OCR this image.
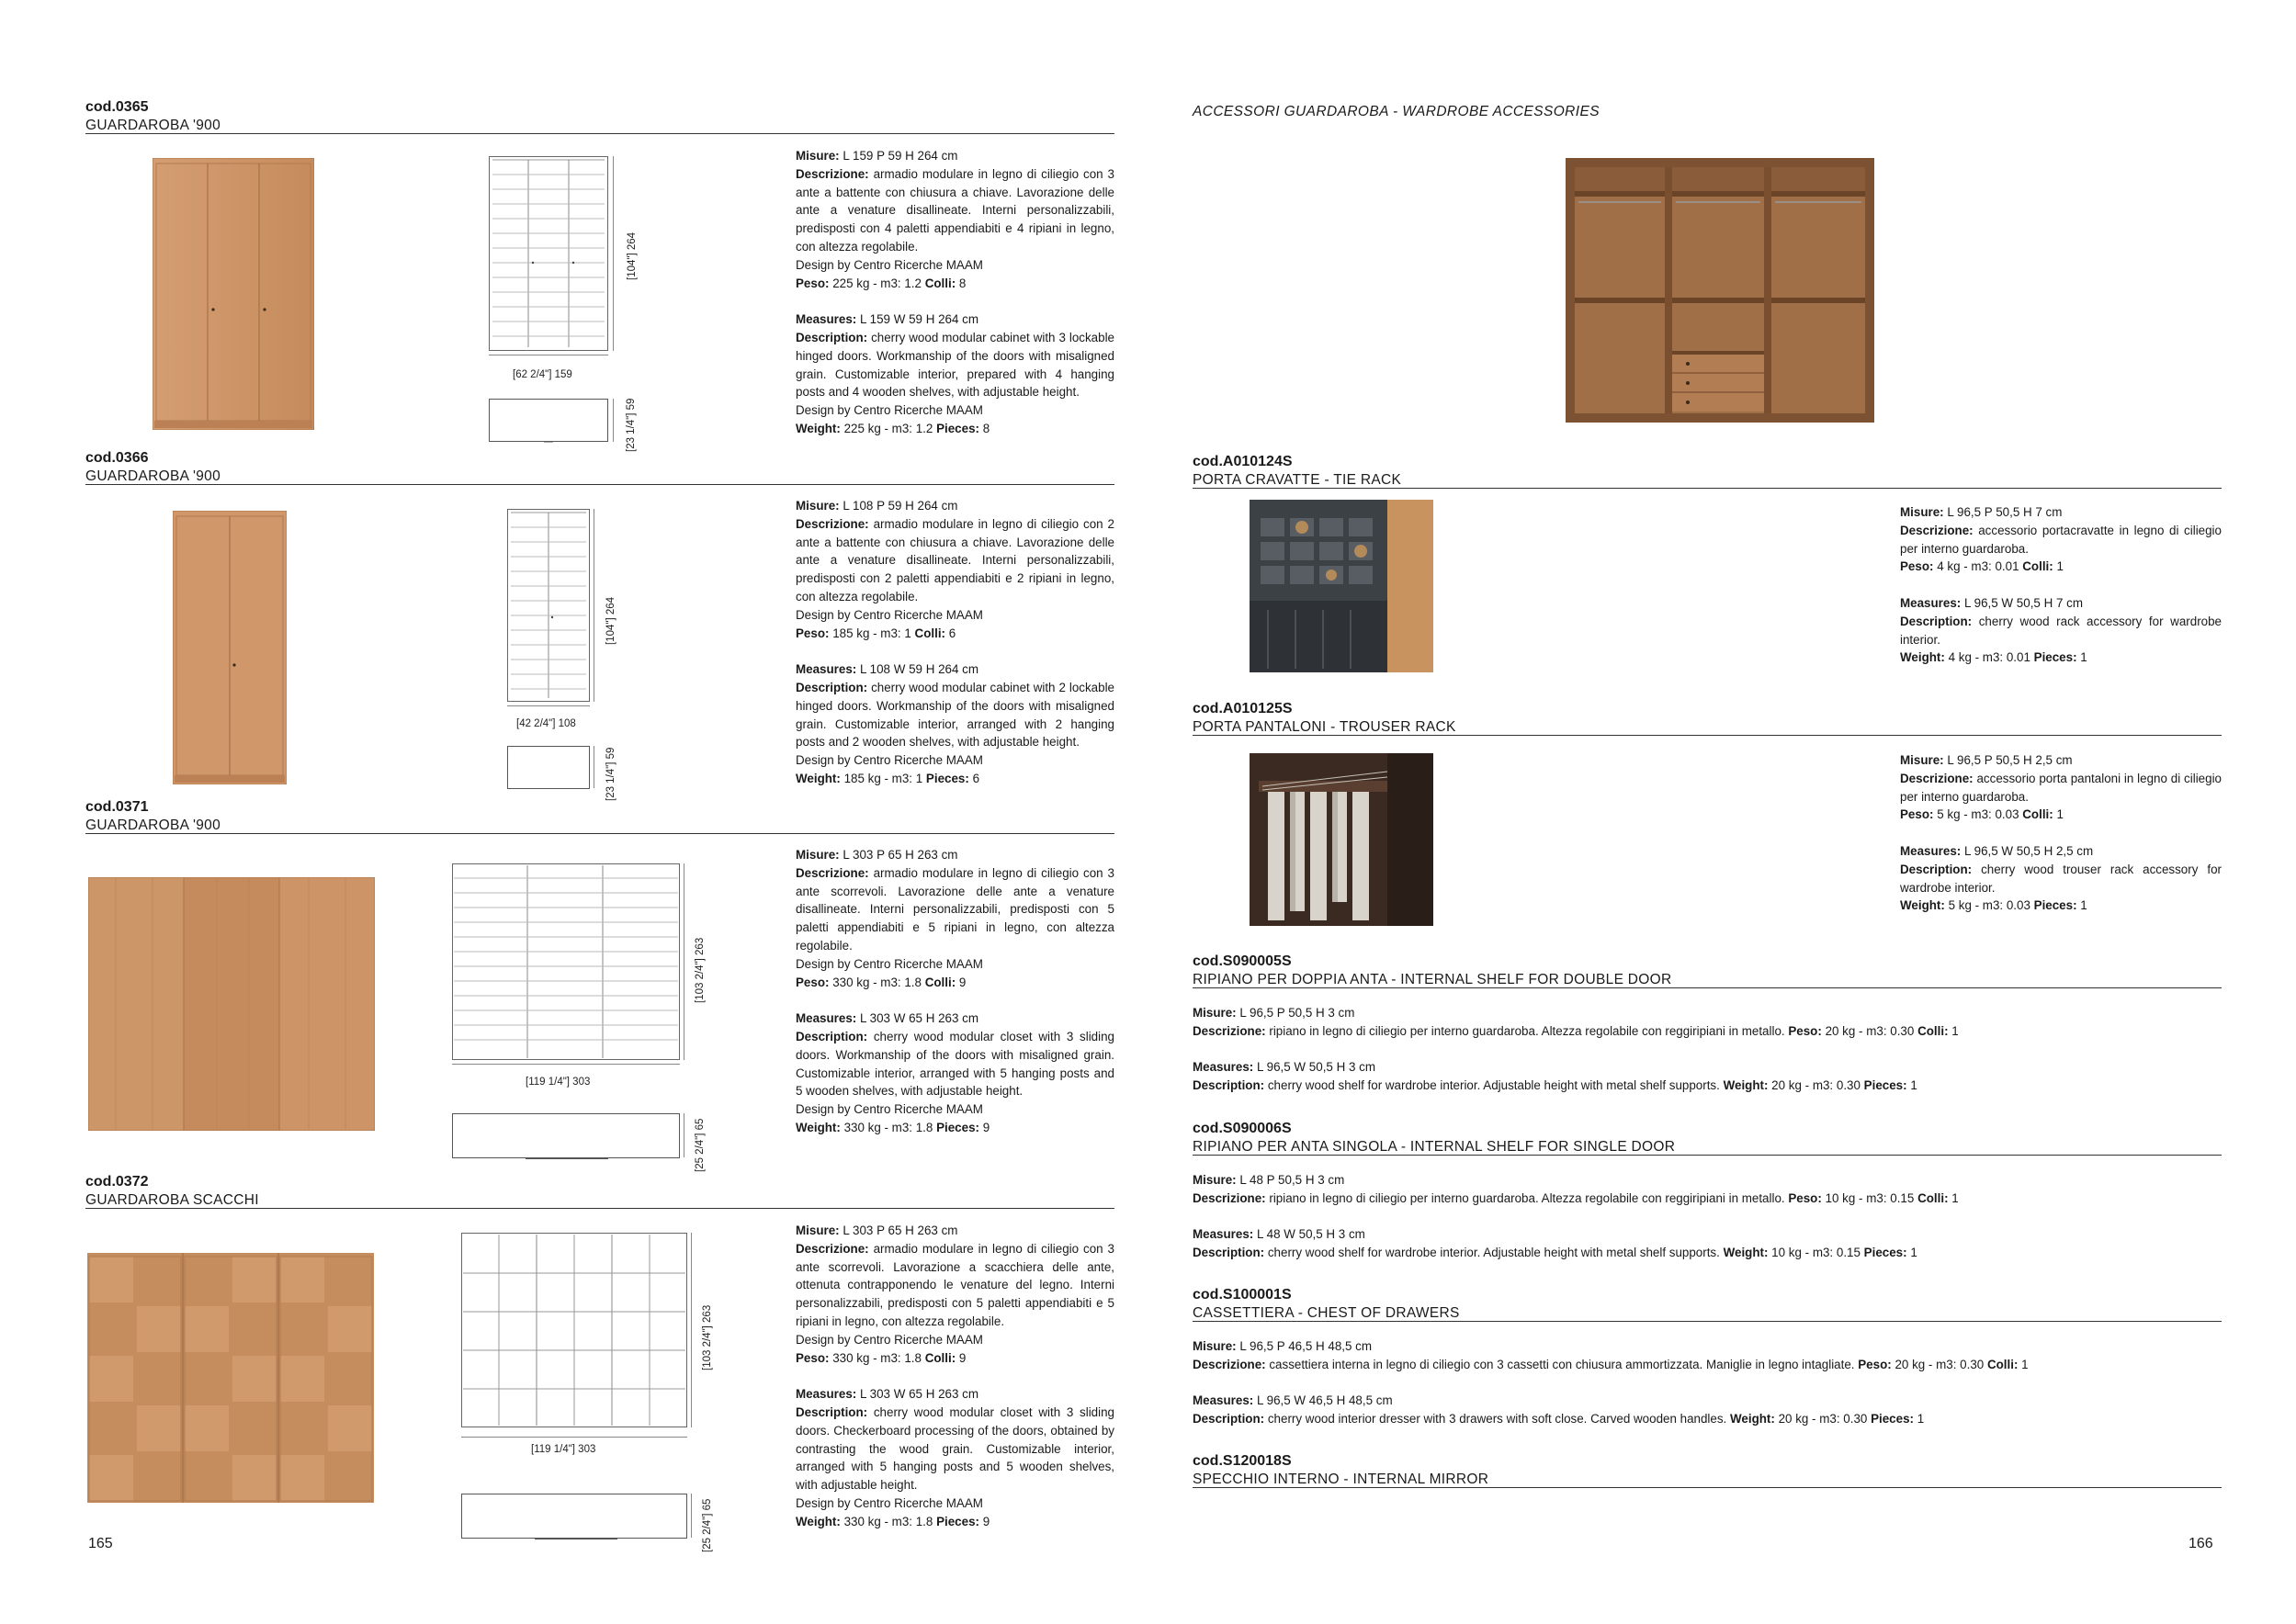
cod.0365
GUARDAROBA '900
[62 2/4"] 159
[104"] 264
[23 1/4"] 59

Misure: L 159 P 59 H 264 cm

Descrizione: armadio modulare in legno di ciliegio con 3 ante a battente con chiusura a chiave. Lavorazione delle ante a venature disallineate. Interni personalizzabili, predisposti con 4 paletti appendiabiti e 4 ripiani in legno, con altezza regolabile.

Design by Centro Ricerche MAAM

Peso: 225 kg - m3: 1.2 Colli: 8

Measures: L 159 W 59 H 264 cm

Description: cherry wood modular cabinet with 3 lockable hinged doors. Workmanship of the doors with misaligned grain. Customizable interior, prepared with 4 hanging posts and 4 wooden shelves, with adjustable height.

Design by Centro Ricerche MAAM

Weight: 225 kg - m3: 1.2 Pieces: 8

cod.0366
GUARDAROBA '900
[42 2/4"] 108
[104"] 264
[23 1/4"] 59

Misure: L 108 P 59 H 264 cm

Descrizione: armadio modulare in legno di ciliegio con 2 ante a battente con chiusura a chiave. Lavorazione delle ante a venature disallineate. Interni personalizzabili, predisposti con 2 paletti appendiabiti e 2 ripiani in legno, con altezza regolabile.

Design by Centro Ricerche MAAM

Peso: 185 kg - m3: 1 Colli: 6

Measures: L 108 W 59 H 264 cm

Description: cherry wood modular cabinet with 2 lockable hinged doors. Workmanship of the doors with misaligned grain. Customizable interior, arranged with 2 hanging posts and 2 wooden shelves, with adjustable height.

Design by Centro Ricerche MAAM

Weight: 185 kg - m3: 1 Pieces: 6

cod.0371
GUARDAROBA '900
[119 1/4"] 303
[103 2/4"] 263
[25 2/4"] 65

Misure: L 303 P 65 H 263 cm

Descrizione: armadio modulare in legno di ciliegio con 3 ante scorrevoli. Lavorazione delle ante a venature disallineate. Interni personalizzabili, predisposti con 5 paletti appendiabiti e 5 ripiani in legno, con altezza regolabile.

Design by Centro Ricerche MAAM

Peso: 330 kg - m3: 1.8 Colli: 9

Measures: L 303 W 65 H 263 cm

Description: cherry wood modular closet with 3 sliding doors. Workmanship of the doors with misaligned grain. Customizable interior, arranged with 5 hanging posts and 5 wooden shelves, with adjustable height.

Design by Centro Ricerche MAAM

Weight: 330 kg - m3: 1.8 Pieces: 9

cod.0372
GUARDAROBA SCACCHI
[119 1/4"] 303
[103 2/4"] 263
[25 2/4"] 65

Misure: L 303 P 65 H 263 cm

Descrizione: armadio modulare in legno di ciliegio con 3 ante scorrevoli. Lavorazione a scacchiera delle ante, ottenuta contrapponendo le venature del legno. Interni personalizzabili, predisposti con 5 paletti appendiabiti e 5 ripiani in legno, con altezza regolabile.

Design by Centro Ricerche MAAM

Peso: 330 kg - m3: 1.8 Colli: 9

Measures: L 303 W 65 H 263 cm

Description: cherry wood modular closet with 3 sliding doors. Checkerboard processing of the doors, obtained by contrasting the wood grain. Customizable interior, arranged with 5 hanging posts and 5 wooden shelves, with adjustable height.

Design by Centro Ricerche MAAM

Weight: 330 kg - m3: 1.8 Pieces: 9

165
ACCESSORI GUARDAROBA - WARDROBE ACCESSORIES
cod.A010124S
PORTA CRAVATTE - TIE RACK

Misure: L 96,5 P 50,5 H 7 cm

Descrizione: accessorio portacravatte in legno di ciliegio per interno guardaroba.

Peso: 4 kg - m3: 0.01 Colli: 1

Measures: L 96,5 W 50,5 H 7 cm

Description: cherry wood rack accessory for wardrobe interior.

Weight: 4 kg - m3: 0.01 Pieces: 1

cod.A010125S
PORTA PANTALONI - TROUSER RACK

Misure: L 96,5 P 50,5 H 2,5 cm

Descrizione: accessorio porta pantaloni in legno di ciliegio per interno guardaroba.

Peso: 5 kg - m3: 0.03 Colli: 1

Measures: L 96,5 W 50,5 H 2,5 cm

Description: cherry wood trouser rack accessory for wardrobe interior.

Weight: 5 kg - m3: 0.03 Pieces: 1

cod.S090005S
RIPIANO PER DOPPIA ANTA - INTERNAL SHELF FOR DOUBLE DOOR

Misure: L 96,5 P 50,5 H 3 cm

Descrizione: ripiano in legno di ciliegio per interno guardaroba. Altezza regolabile con reggiripiani in metallo. Peso: 20 kg - m3: 0.30 Colli: 1

Measures: L 96,5 W 50,5 H 3 cm

Description: cherry wood shelf for wardrobe interior. Adjustable height with metal shelf supports. Weight: 20 kg - m3: 0.30 Pieces: 1

cod.S090006S
RIPIANO PER ANTA SINGOLA - INTERNAL SHELF FOR SINGLE DOOR

Misure: L 48 P 50,5 H 3 cm

Descrizione: ripiano in legno di ciliegio per interno guardaroba. Altezza regolabile con reggiripiani in metallo. Peso: 10 kg - m3: 0.15 Colli: 1

Measures: L 48 W 50,5 H 3 cm

Description: cherry wood shelf for wardrobe interior. Adjustable height with metal shelf supports. Weight: 10 kg - m3: 0.15 Pieces: 1

cod.S100001S
CASSETTIERA - CHEST OF DRAWERS

Misure: L 96,5 P 46,5 H 48,5 cm

Descrizione: cassettiera interna in legno di ciliegio con 3 cassetti con chiusura ammortizzata. Maniglie in legno intagliate. Peso: 20 kg - m3: 0.30 Colli: 1

Measures: L 96,5 W 46,5 H 48,5 cm

Description: cherry wood interior dresser with 3 drawers with soft close. Carved wooden handles. Weight: 20 kg - m3: 0.30 Pieces: 1

cod.S120018S
SPECCHIO INTERNO - INTERNAL MIRROR
166
